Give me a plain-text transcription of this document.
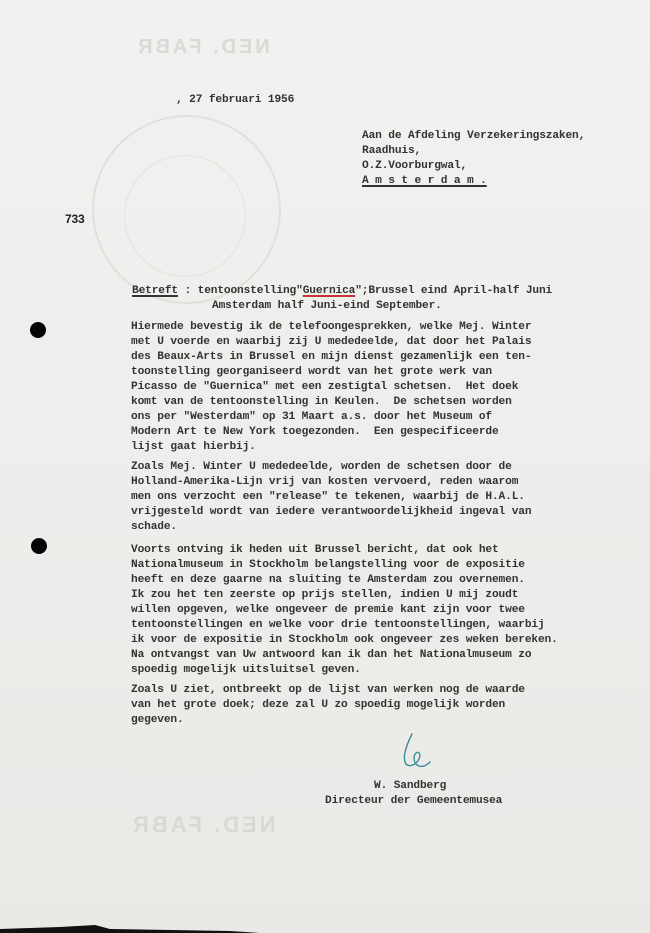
NED. FABR
NED. FABR
733
, 27 februari 1956
Aan de Afdeling Verzekeringszaken,
Raadhuis,
O.Z.Voorburgwal,
A m s t e r d a m .
Betreft : tentoonstelling"Guernica";Brussel eind April-half Juni
Amsterdam half Juni-eind September.
Hiermede bevestig ik de telefoongesprekken, welke Mej. Winter
met U voerde en waarbij zij U mededeelde, dat door het Palais
des Beaux-Arts in Brussel en mijn dienst gezamenlijk een ten-
toonstelling georganiseerd wordt van het grote werk van
Picasso de "Guernica" met een zestigtal schetsen.  Het doek
komt van de tentoonstelling in Keulen.  De schetsen worden
ons per "Westerdam" op 31 Maart a.s. door het Museum of
Modern Art te New York toegezonden.  Een gespecificeerde
lijst gaat hierbij.
Zoals Mej. Winter U mededeelde, worden de schetsen door de
Holland-Amerika-Lijn vrij van kosten vervoerd, reden waarom
men ons verzocht een "release" te tekenen, waarbij de H.A.L.
vrijgesteld wordt van iedere verantwoordelijkheid ingeval van
schade.
Voorts ontving ik heden uit Brussel bericht, dat ook het
Nationalmuseum in Stockholm belangstelling voor de expositie
heeft en deze gaarne na sluiting te Amsterdam zou overnemen.
Ik zou het ten zeerste op prijs stellen, indien U mij zoudt
willen opgeven, welke ongeveer de premie kant zijn voor twee
tentoonstellingen en welke voor drie tentoonstellingen, waarbij
ik voor de expositie in Stockholm ook ongeveer zes weken bereken.
Na ontvangst van Uw antwoord kan ik dan het Nationalmuseum zo
spoedig mogelijk uitsluitsel geven.
Zoals U ziet, ontbreekt op de lijst van werken nog de waarde
van het grote doek; deze zal U zo spoedig mogelijk worden
gegeven.
W. Sandberg
Directeur der Gemeentemusea
